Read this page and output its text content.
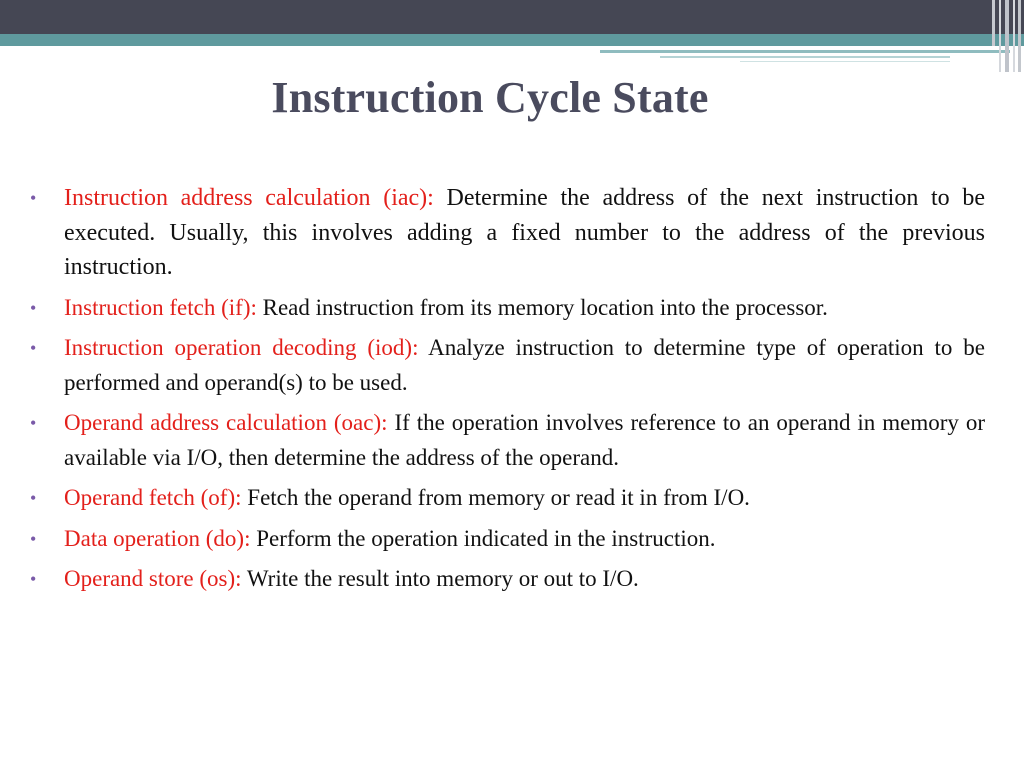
Instruction Cycle State
• Instruction address calculation (iac): Determine the address of the next instruction to be executed. Usually, this involves adding a fixed number to the address of the previous instruction.
• Instruction fetch (if): Read instruction from its memory location into the processor.
• Instruction operation decoding (iod): Analyze instruction to determine type of operation to be performed and operand(s) to be used.
• Operand address calculation (oac): If the operation involves reference to an operand in memory or available via I/O, then determine the address of the operand.
• Operand fetch (of): Fetch the operand from memory or read it in from I/O.
• Data operation (do): Perform the operation indicated in the instruction.
• Operand store (os): Write the result into memory or out to I/O.
